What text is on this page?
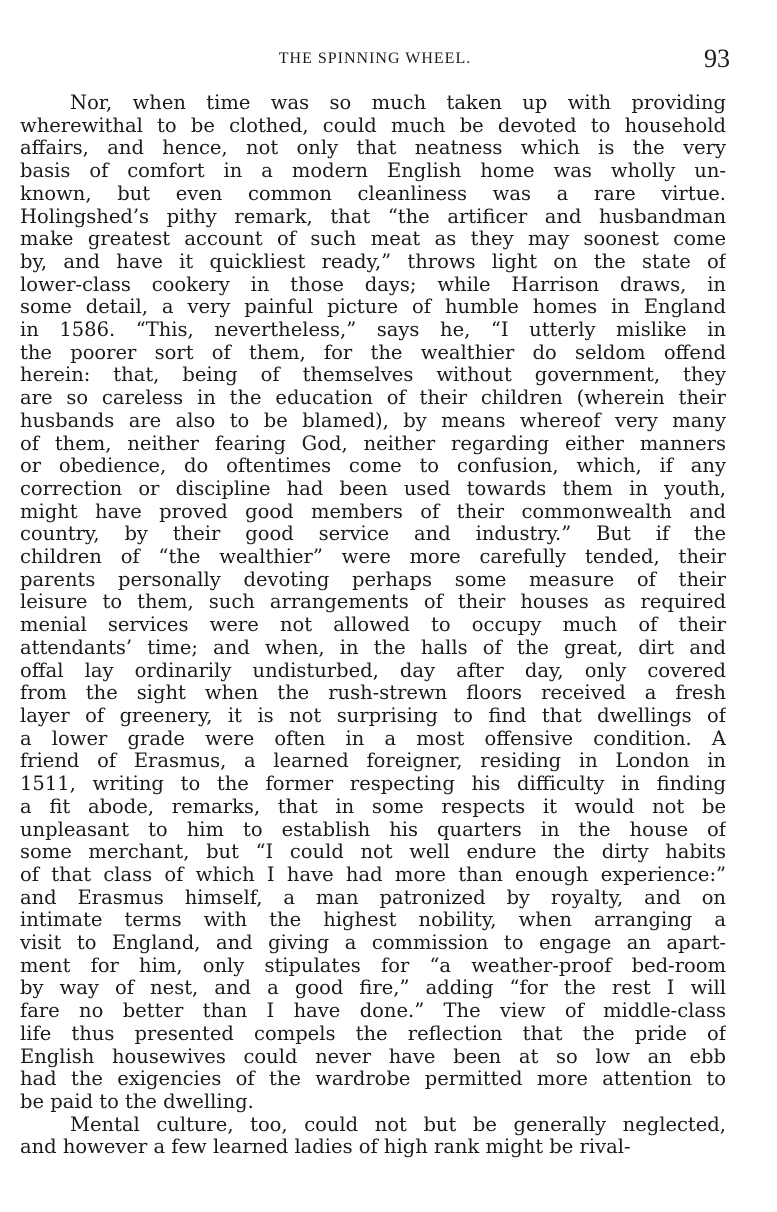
THE SPINNING WHEEL.	93
Nor, when time was so much taken up with providing
wherewithal to be clothed, could much be devoted to household
affairs, and hence, not only that neatness which is the very
basis of comfort in a modern English home was wholly un-
known, but even common cleanliness was a rare virtue.
Holingshed’s pithy remark, that “the artificer and husbandman
make greatest account of such meat as they may soonest come
by, and have it quickliest ready,” throws light on the state of
lower-class cookery in those days; while Harrison draws, in
some detail, a very painful picture of humble homes in England
in 1586. “This, nevertheless,” says he, “I utterly mislike in
the poorer sort of them, for the wealthier do seldom offend
herein: that, being of themselves without government, they
are so careless in the education of their children (wherein their
husbands are also to be blamed), by means whereof very many
of them, neither fearing God, neither regarding either manners
or obedience, do oftentimes come to confusion, which, if any
correction or discipline had been used towards them in youth,
might have proved good members of their commonwealth and
country, by their good service and industry.” But if the
children of “the wealthier” were more carefully tended, their
parents personally devoting perhaps some measure of their
leisure to them, such arrangements of their houses as required
menial services were not allowed to occupy much of their
attendants’ time; and when, in the halls of the great, dirt and
offal lay ordinarily undisturbed, day after day, only covered
from the sight when the rush-strewn floors received a fresh
layer of greenery, it is not surprising to find that dwellings of
a lower grade were often in a most offensive condition. A
friend of Erasmus, a learned foreigner, residing in London in
1511, writing to the former respecting his difficulty in finding
a fit abode, remarks, that in some respects it would not be
unpleasant to him to establish his quarters in the house of
some merchant, but “I could not well endure the dirty habits
of that class of which I have had more than enough experience:”
and Erasmus himself, a man patronized by royalty, and on
intimate terms with the highest nobility, when arranging a
visit to England, and giving a commission to engage an apart-
ment for him, only stipulates for “a weather-proof bed-room
by way of nest, and a good fire,” adding “for the rest I will
fare no better than I have done.” The view of middle-class
life thus presented compels the reflection that the pride of
English housewives could never have been at so low an ebb
had the exigencies of the wardrobe permitted more attention to
be paid to the dwelling.
Mental culture, too, could not but be generally neglected,
and however a few learned ladies of high rank might be rival-
